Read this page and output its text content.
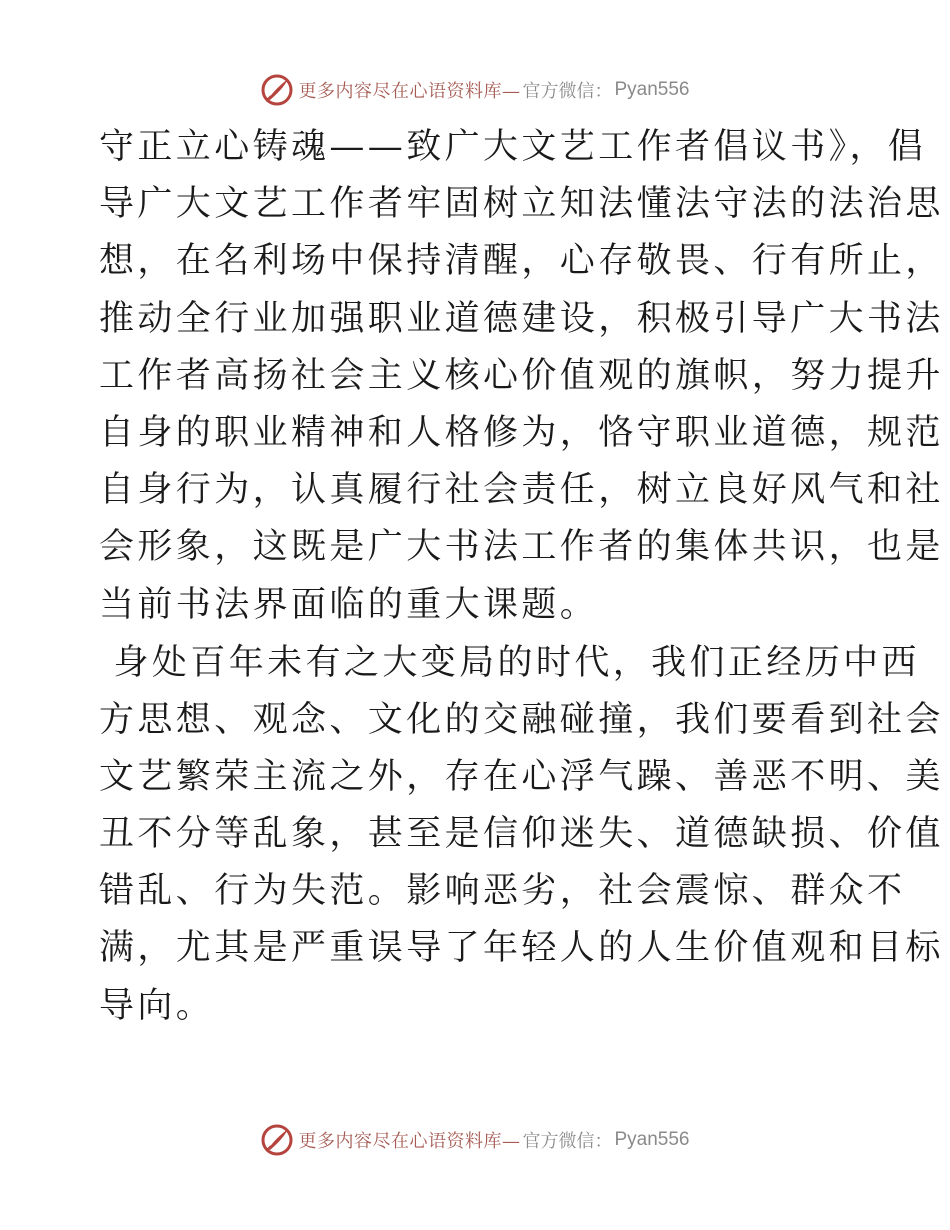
更多内容尽在心语资料库— 官方微信： Pyan556

守正立心铸魂——致广大文艺工作者倡议书》，倡
导广大文艺工作者牢固树立知法懂法守法的法治思
想，在名利场中保持清醒，心存敬畏、行有所止，
推动全行业加强职业道德建设，积极引导广大书法
工作者高扬社会主义核心价值观的旗帜，努力提升
自身的职业精神和人格修为，恪守职业道德，规范
自身行为，认真履行社会责任，树立良好风气和社
会形象，这既是广大书法工作者的集体共识，也是
当前书法界面临的重大课题。

身处百年未有之大变局的时代，我们正经历中西
方思想、观念、文化的交融碰撞，我们要看到社会
文艺繁荣主流之外，存在心浮气躁、善恶不明、美
丑不分等乱象，甚至是信仰迷失、道德缺损、价值
错乱、行为失范。影响恶劣，社会震惊、群众不
满，尤其是严重误导了年轻人的人生价值观和目标
导向。

更多内容尽在心语资料库— 官方微信： Pyan556
